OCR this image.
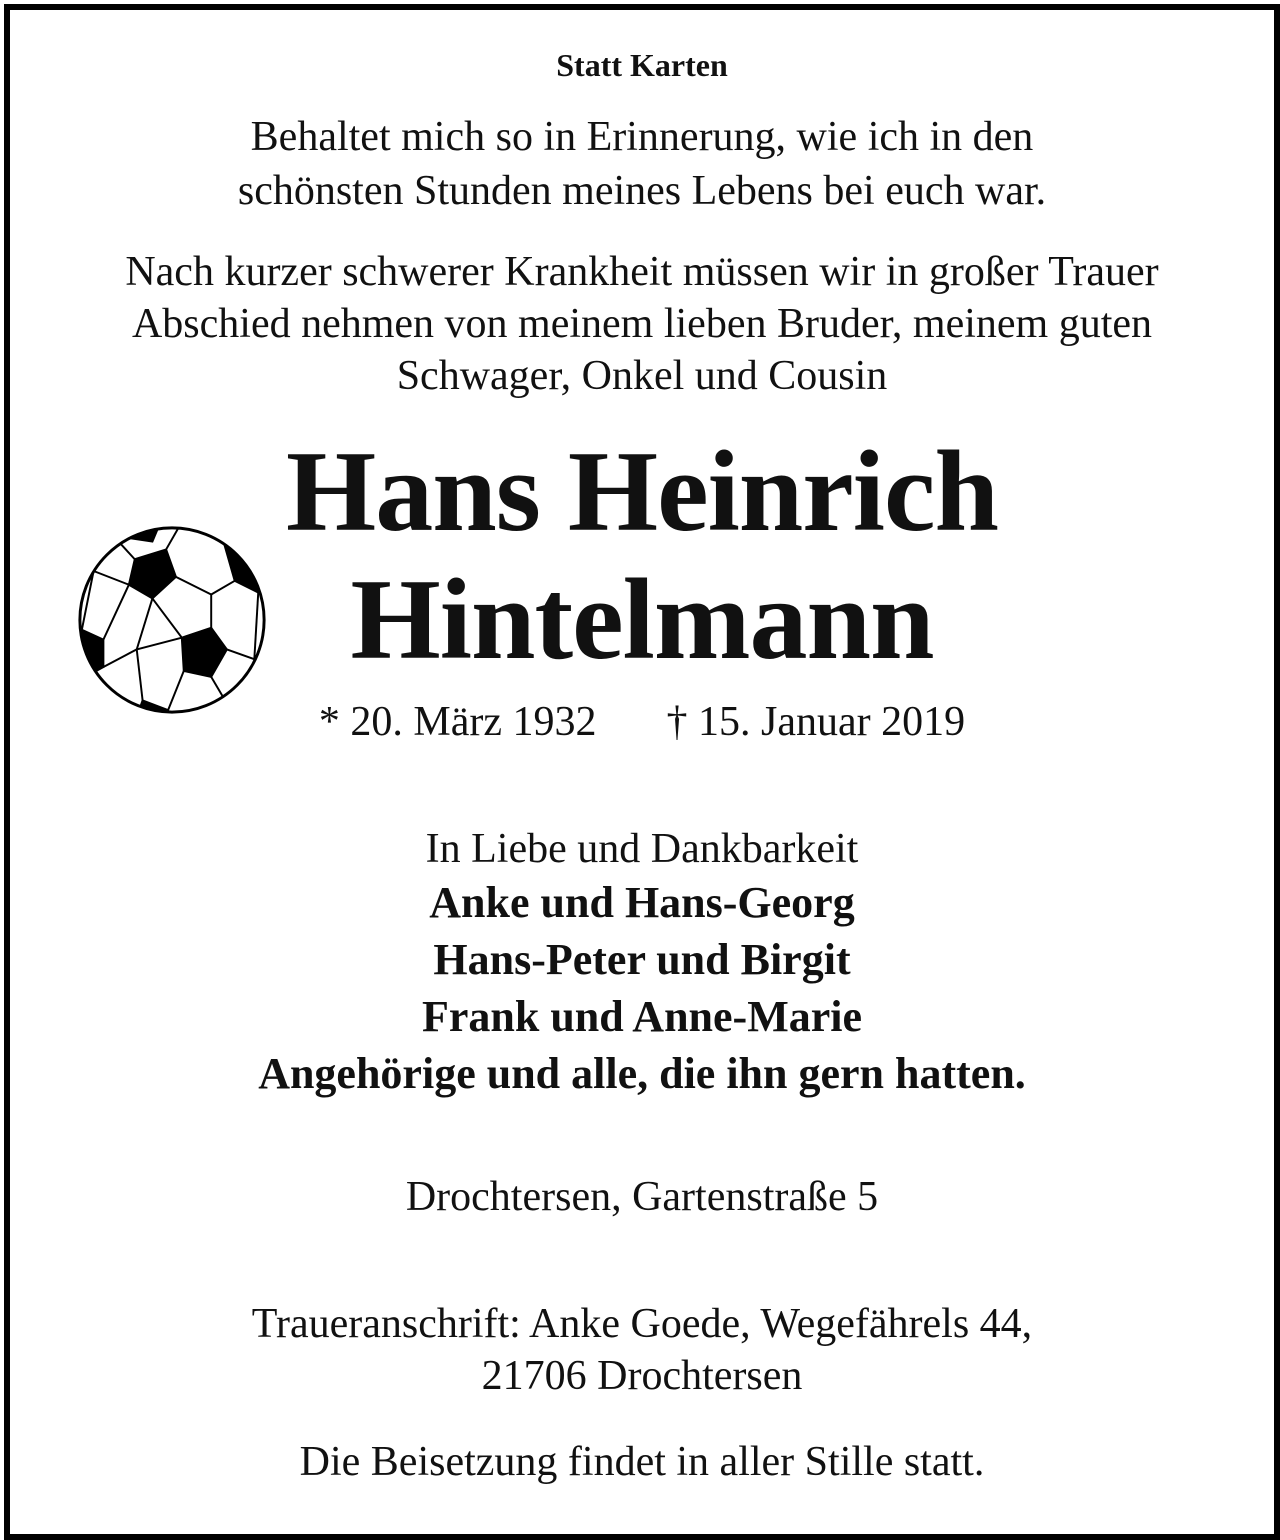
Statt Karten

Behaltet mich so in Erinnerung, wie ich in den
schönsten Stunden meines Lebens bei euch war.

Nach kurzer schwerer Krankheit müssen wir in großer Trauer
Abschied nehmen von meinem lieben Bruder, meinem guten
Schwager, Onkel und Cousin

Hans Heinrich
Hintelmann

* 20. März 1932 † 15. Januar 2019

In Liebe und Dankbarkeit

Anke und Hans-Georg
Hans-Peter und Birgit
Frank und Anne-Marie
Angehörige und alle, die ihn gern hatten.

Drochtersen, Gartenstraße 5

Traueranschrift: Anke Goede, Wegefährels 44,
21706 Drochtersen

Die Beisetzung findet in aller Stille statt.
